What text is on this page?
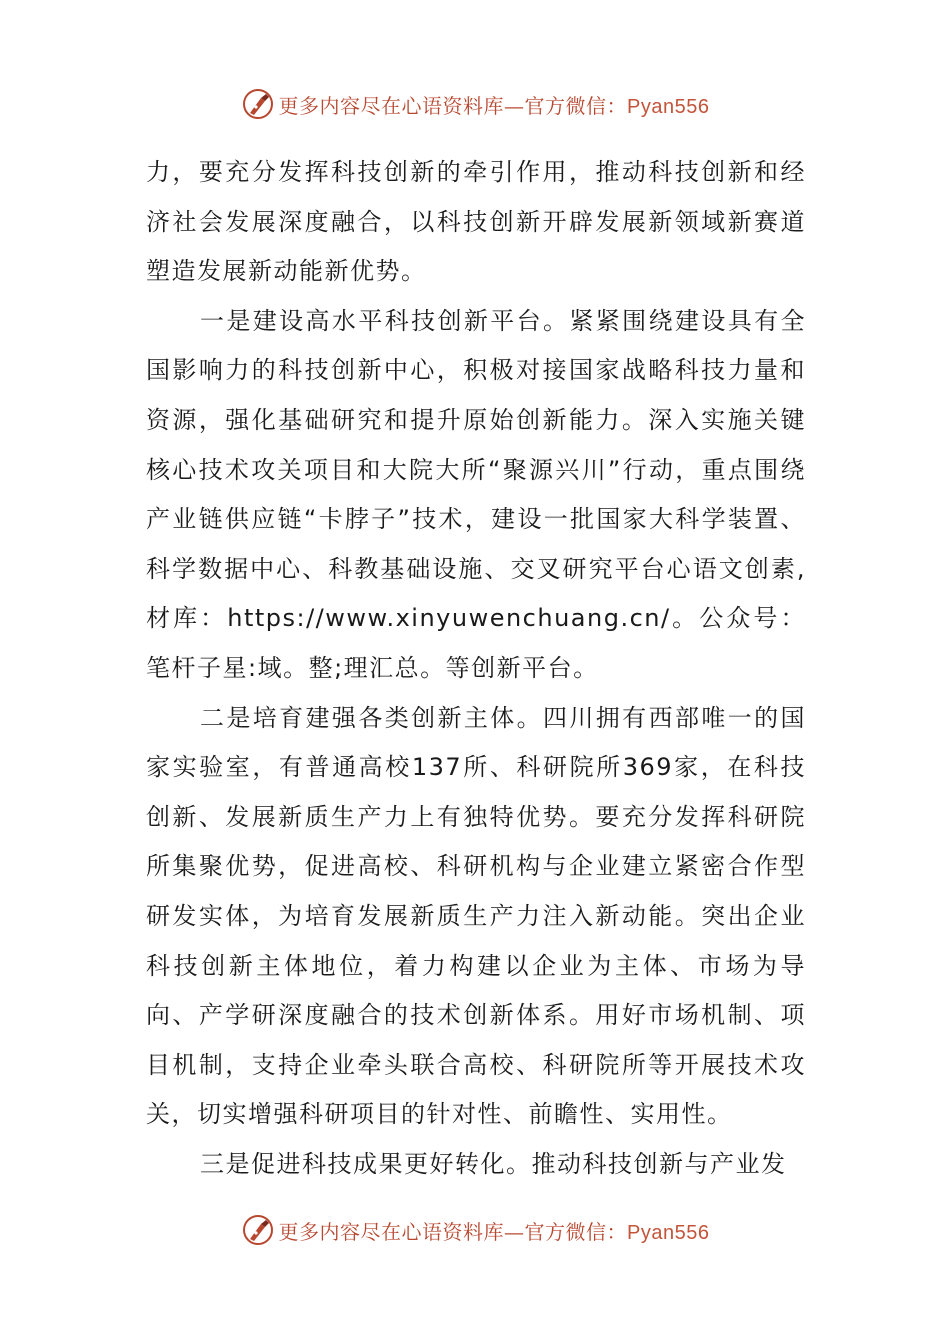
更多内容尽在心语资料库—官方微信：Pyan556

力，要充分发挥科技创新的牵引作用，推动科技创新和经济社会发展深度融合，以科技创新开辟发展新领域新赛道塑造发展新动能新优势。

一是建设高水平科技创新平台。紧紧围绕建设具有全国影响力的科技创新中心，积极对接国家战略科技力量和资源，强化基础研究和提升原始创新能力。深入实施关键核心技术攻关项目和大院大所“聚源兴川”行动，重点围绕产业链供应链“卡脖子”技术，建设一批国家大科学装置、科学数据中心、科教基础设施、交叉研究平台心语文创素,材库：https://www.xinyuwenchuang.cn/。公众号：笔杆子星:域。整;理汇总。等创新平台。

二是培育建强各类创新主体。四川拥有西部唯一的国家实验室，有普通高校137所、科研院所369家，在科技创新、发展新质生产力上有独特优势。要充分发挥科研院所集聚优势，促进高校、科研机构与企业建立紧密合作型研发实体，为培育发展新质生产力注入新动能。突出企业科技创新主体地位，着力构建以企业为主体、市场为导向、产学研深度融合的技术创新体系。用好市场机制、项目机制，支持企业牵头联合高校、科研院所等开展技术攻关，切实增强科研项目的针对性、前瞻性、实用性。

三是促进科技成果更好转化。推动科技创新与产业发

更多内容尽在心语资料库—官方微信：Pyan556
